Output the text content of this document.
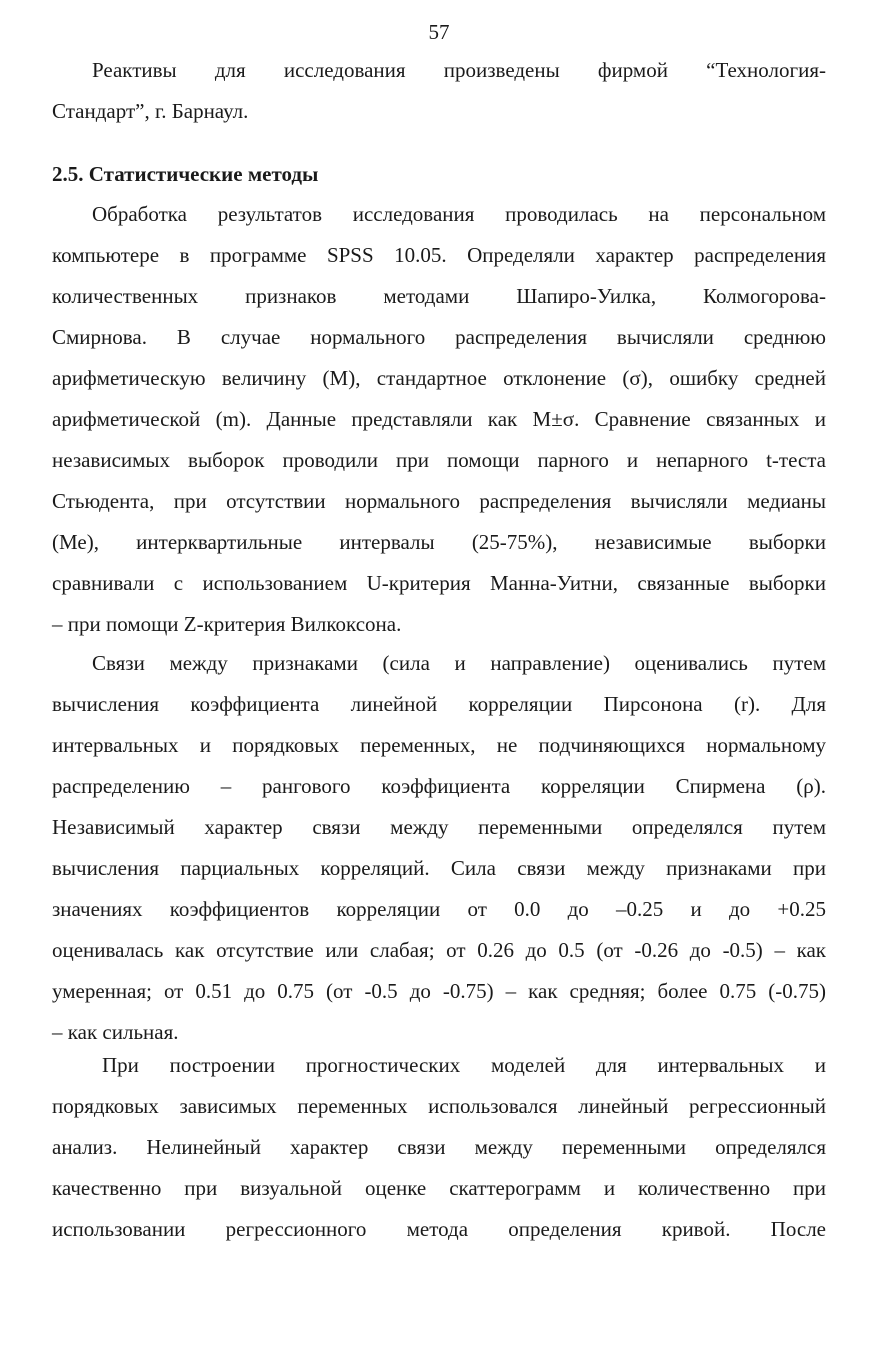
57
Реактивы для исследования произведены фирмой “Технология-
Стандарт”, г. Барнаул.
2.5. Статистические методы
Обработка результатов исследования проводилась на персональном
компьютере в программе SPSS 10.05. Определяли характер распределения
количественных признаков методами Шапиро-Уилка, Колмогорова-
Смирнова. В случае нормального распределения вычисляли среднюю
арифметическую величину (М), стандартное отклонение (σ), ошибку средней
арифметической (m). Данные представляли как М±σ. Сравнение связанных и
независимых выборок проводили при помощи парного и непарного t-теста
Стьюдента, при отсутствии нормального распределения вычисляли медианы
(Ме), интерквартильные интервалы (25-75%), независимые выборки
сравнивали с использованием U-критерия Манна-Уитни, связанные выборки
– при помощи Z-критерия Вилкоксона.
Связи между признаками (сила и направление) оценивались путем
вычисления коэффициента линейной корреляции Пирсонона (r). Для
интервальных и порядковых переменных, не подчиняющихся нормальному
распределению – рангового коэффициента корреляции Спирмена (ρ).
Независимый характер связи между переменными определялся путем
вычисления парциальных корреляций. Сила связи между признаками при
значениях коэффициентов корреляции от 0.0 до –0.25 и до +0.25
оценивалась как отсутствие или слабая; от 0.26 до 0.5 (от -0.26 до -0.5) – как
умеренная; от 0.51 до 0.75 (от -0.5 до -0.75) – как средняя; более 0.75 (-0.75)
– как сильная.
При построении прогностических моделей для интервальных и
порядковых зависимых переменных использовался линейный регрессионный
анализ. Нелинейный характер связи между переменными определялся
качественно при визуальной оценке скаттерограмм и количественно при
использовании регрессионного метода определения кривой. После
